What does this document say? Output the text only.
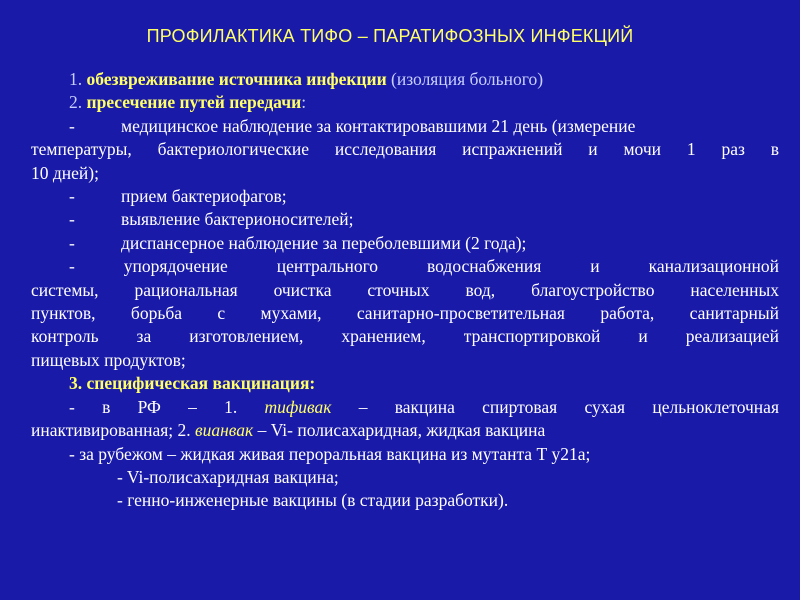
ПРОФИЛАКТИКА ТИФО – ПАРАТИФОЗНЫХ ИНФЕКЦИЙ
1. обезвреживание источника инфекции (изоляция больного)
2. пресечение путей передачи:
-	медицинское наблюдение за контактировавшими 21 день (измерение
температуры, бактериологические исследования испражнений и мочи 1 раз в
10 дней);
-	прием бактериофагов;
-	выявление бактерионосителей;
-	диспансерное наблюдение за переболевшими (2 года);
- упорядочение центрального водоснабжения и канализационной
системы, рациональная очистка сточных вод, благоустройство населенных
пунктов, борьба с мухами, санитарно-просветительная работа, санитарный
контроль за изготовлением, хранением, транспортировкой и реализацией
пищевых продуктов;
3. специфическая вакцинация:
- в РФ – 1. тифивак – вакцина спиртовая сухая цельноклеточная
инактивированная; 2. вианвак – Vi- полисахаридная, жидкая вакцина
- за рубежом – жидкая живая пероральная вакцина из мутанта Т у21а;
- Vi-полисахаридная вакцина;
- генно-инженерные вакцины (в стадии разработки).
